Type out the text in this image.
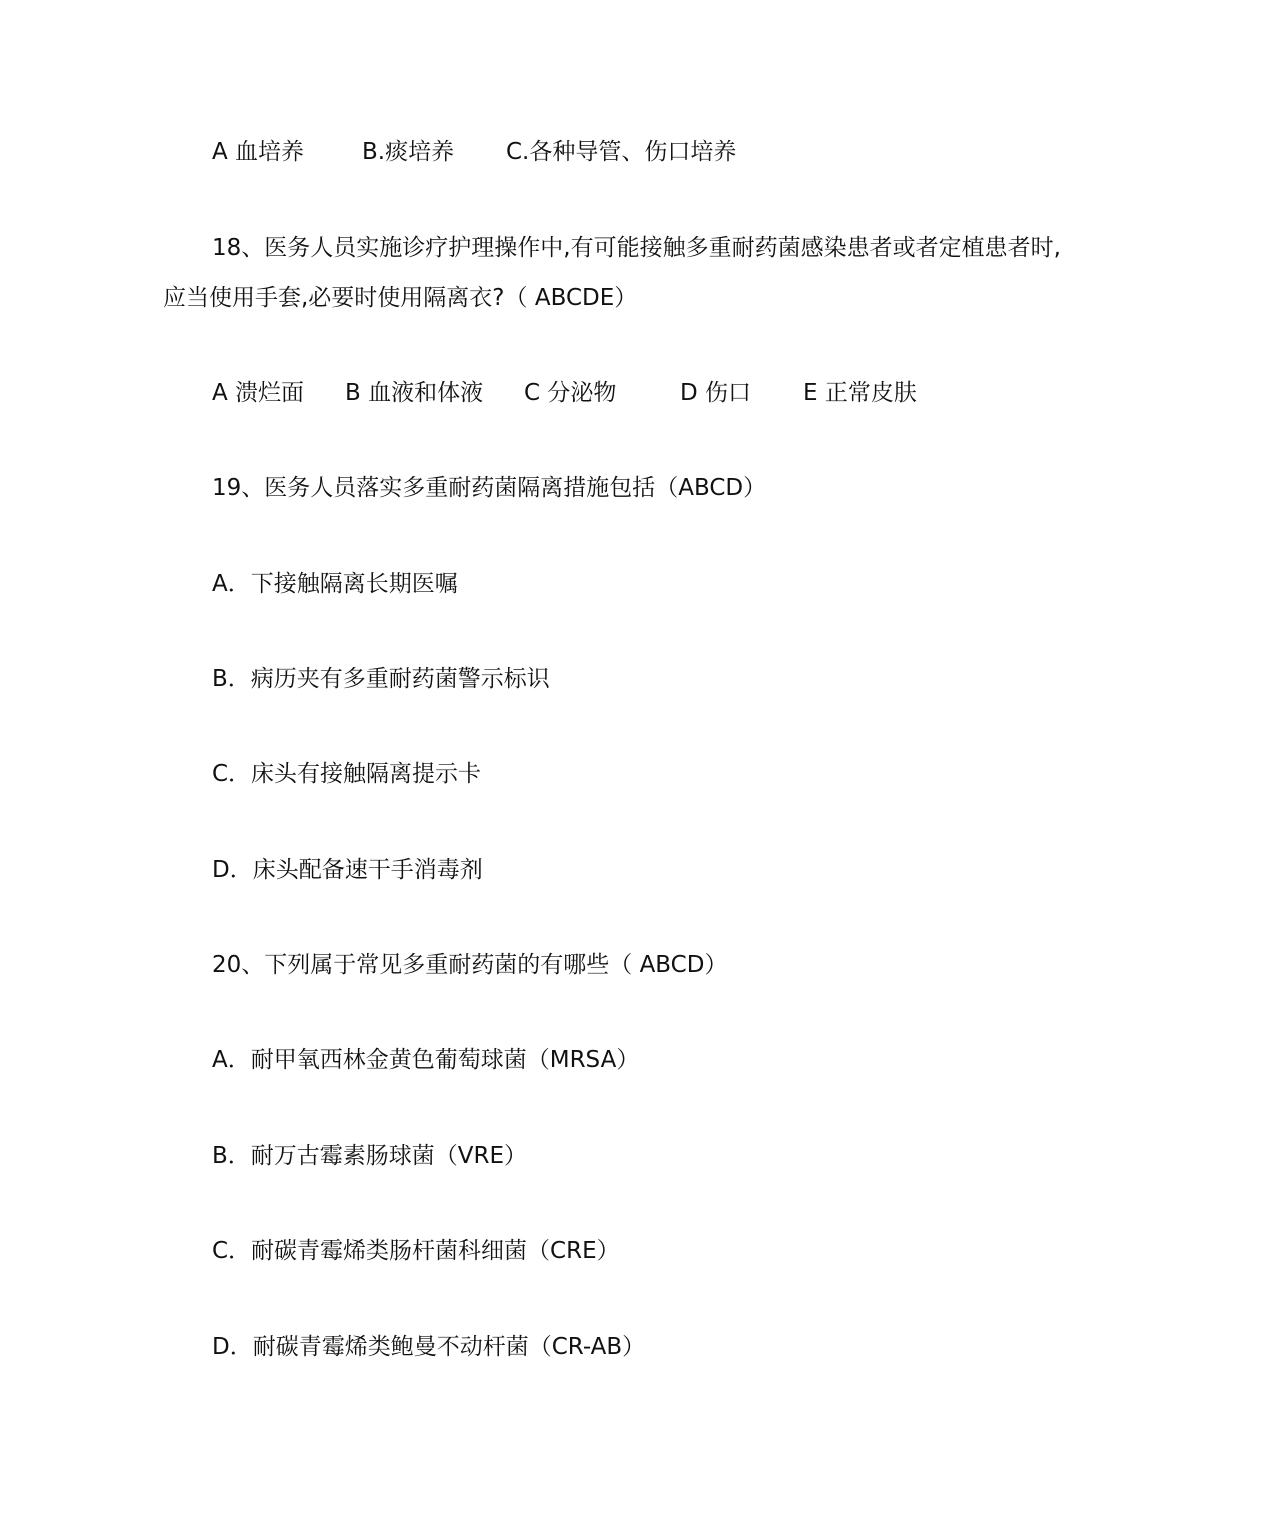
A 血培养	B.痰培养 C.各种导管、伤口培养
18、医务人员实施诊疗护理操作中,有可能接触多重耐药菌感染患者或者定植患者时,
应当使用手套,必要时使用隔离衣?（ ABCDE）
A 溃烂面 B 血液和体液 C 分泌物	D 伤口 E 正常皮肤
19、医务人员落实多重耐药菌隔离措施包括（ABCD）
A．下接触隔离长期医嘱
B．病历夹有多重耐药菌警示标识
C．床头有接触隔离提示卡
D．床头配备速干手消毒剂
20、下列属于常见多重耐药菌的有哪些（ ABCD）
A．耐甲氧西林金黄色葡萄球菌（MRSA）
B．耐万古霉素肠球菌（VRE）
C．耐碳青霉烯类肠杆菌科细菌（CRE）
D．耐碳青霉烯类鲍曼不动杆菌（CR-AB）
